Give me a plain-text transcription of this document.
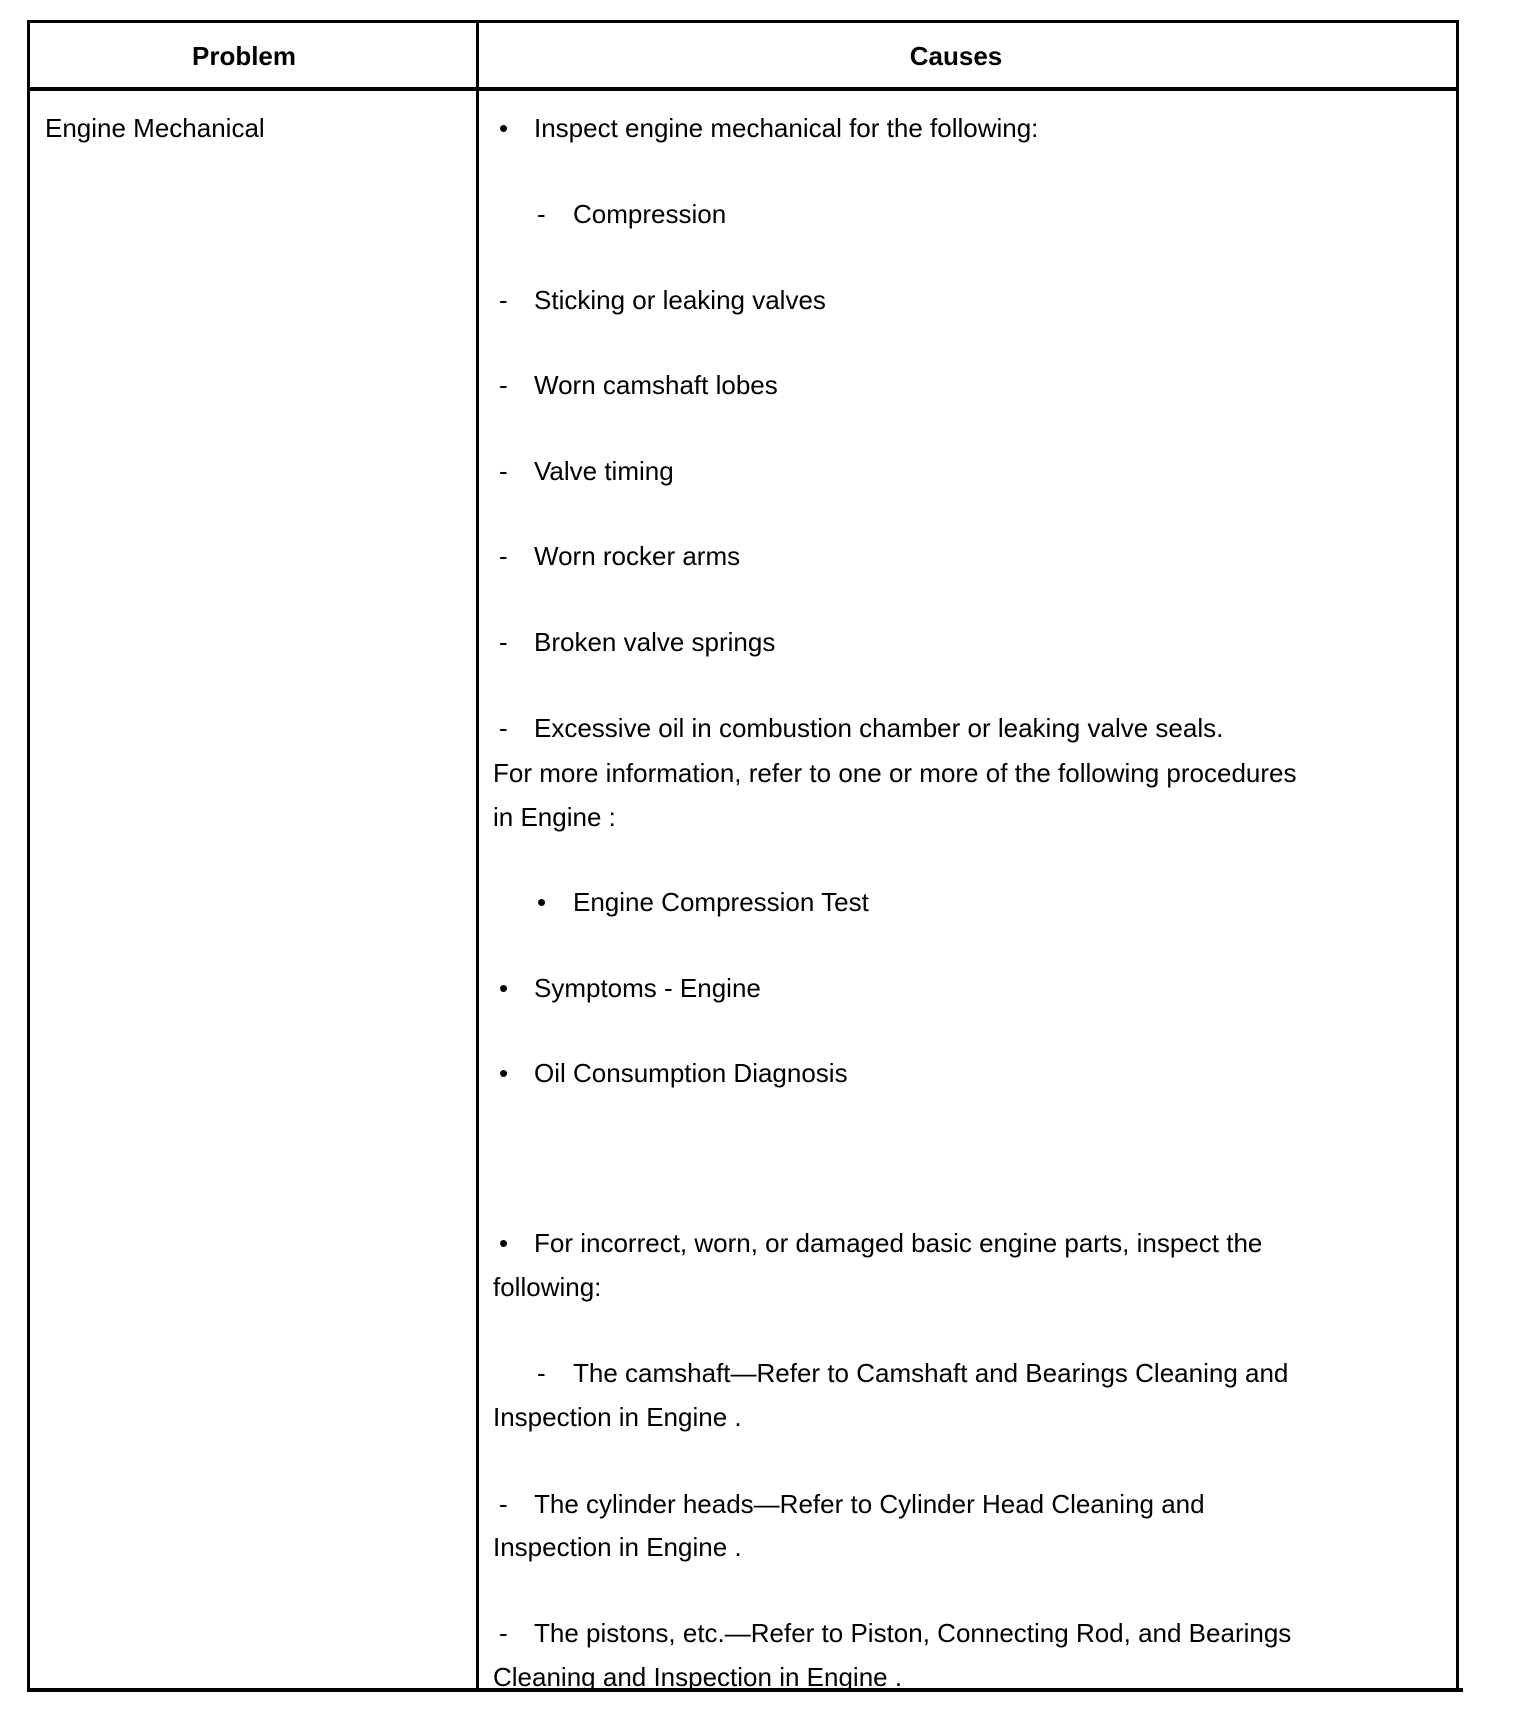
Problem	Causes
Engine Mechanical	• Inspect engine mechanical for the following:
- Compression
- Sticking or leaking valves
- Worn camshaft lobes
- Valve timing
- Worn rocker arms
- Broken valve springs
- Excessive oil in combustion chamber or leaking valve seals.
For more information, refer to one or more of the following procedures
in Engine :
• Engine Compression Test
• Symptoms - Engine
• Oil Consumption Diagnosis
• For incorrect, worn, or damaged basic engine parts, inspect the
following:
- The camshaft—Refer to Camshaft and Bearings Cleaning and
Inspection in Engine .
- The cylinder heads—Refer to Cylinder Head Cleaning and
Inspection in Engine .
- The pistons, etc.—Refer to Piston, Connecting Rod, and Bearings
Cleaning and Inspection in Engine .
